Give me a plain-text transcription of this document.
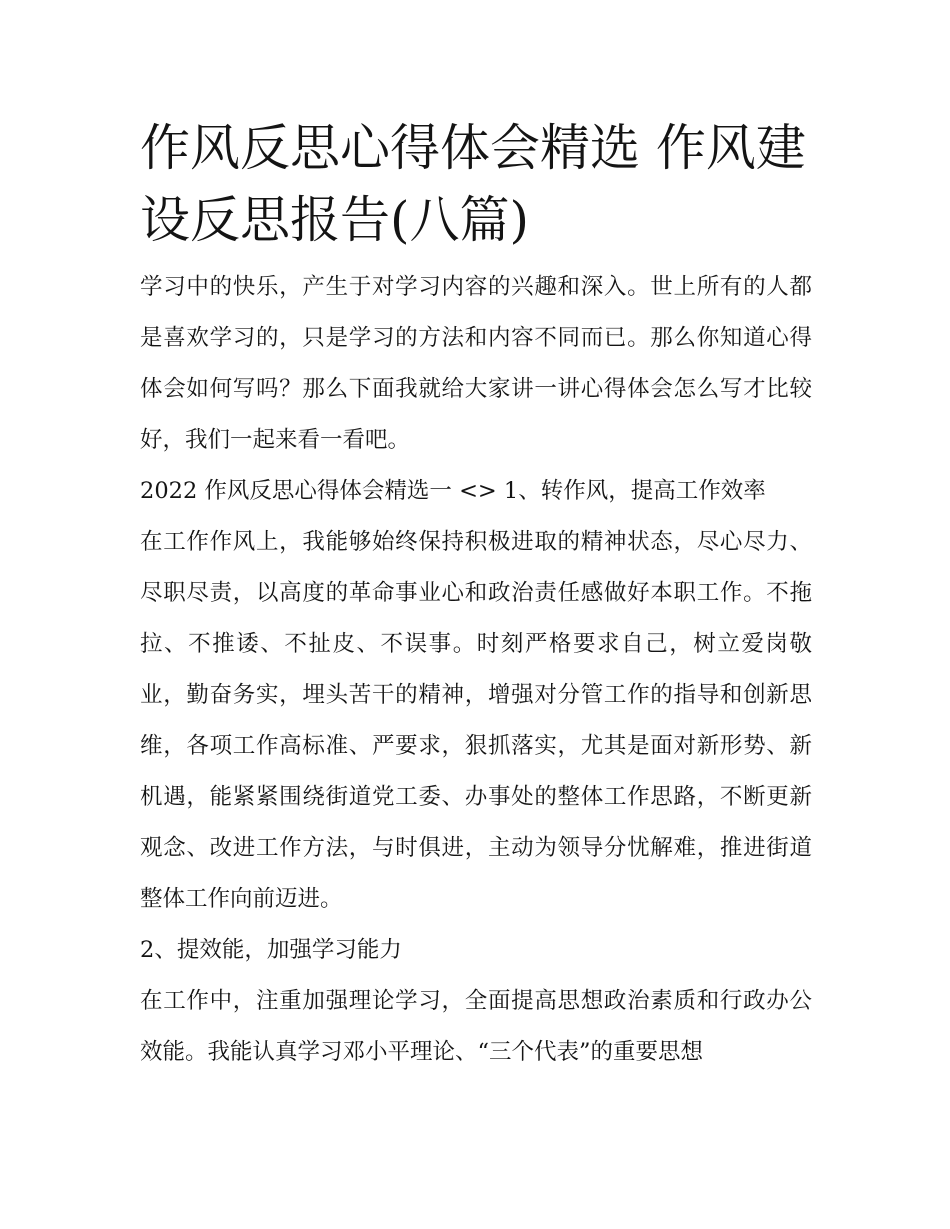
作风反思心得体会精选 作风建设反思报告(八篇)

学习中的快乐，产生于对学习内容的兴趣和深入。世上所有的人都是喜欢学习的，只是学习的方法和内容不同而已。那么你知道心得体会如何写吗？那么下面我就给大家讲一讲心得体会怎么写才比较好，我们一起来看一看吧。

2022 作风反思心得体会精选一 <> 1、转作风，提高工作效率

在工作作风上，我能够始终保持积极进取的精神状态，尽心尽力、尽职尽责，以高度的革命事业心和政治责任感做好本职工作。不拖拉、不推诿、不扯皮、不误事。时刻严格要求自己，树立爱岗敬业，勤奋务实，埋头苦干的精神，增强对分管工作的指导和创新思维，各项工作高标准、严要求，狠抓落实，尤其是面对新形势、新机遇，能紧紧围绕街道党工委、办事处的整体工作思路，不断更新观念、改进工作方法，与时俱进，主动为领导分忧解难，推进街道整体工作向前迈进。

2、提效能，加强学习能力

在工作中，注重加强理论学习，全面提高思想政治素质和行政办公效能。我能认真学习邓小平理论、“三个代表”的重要思想
